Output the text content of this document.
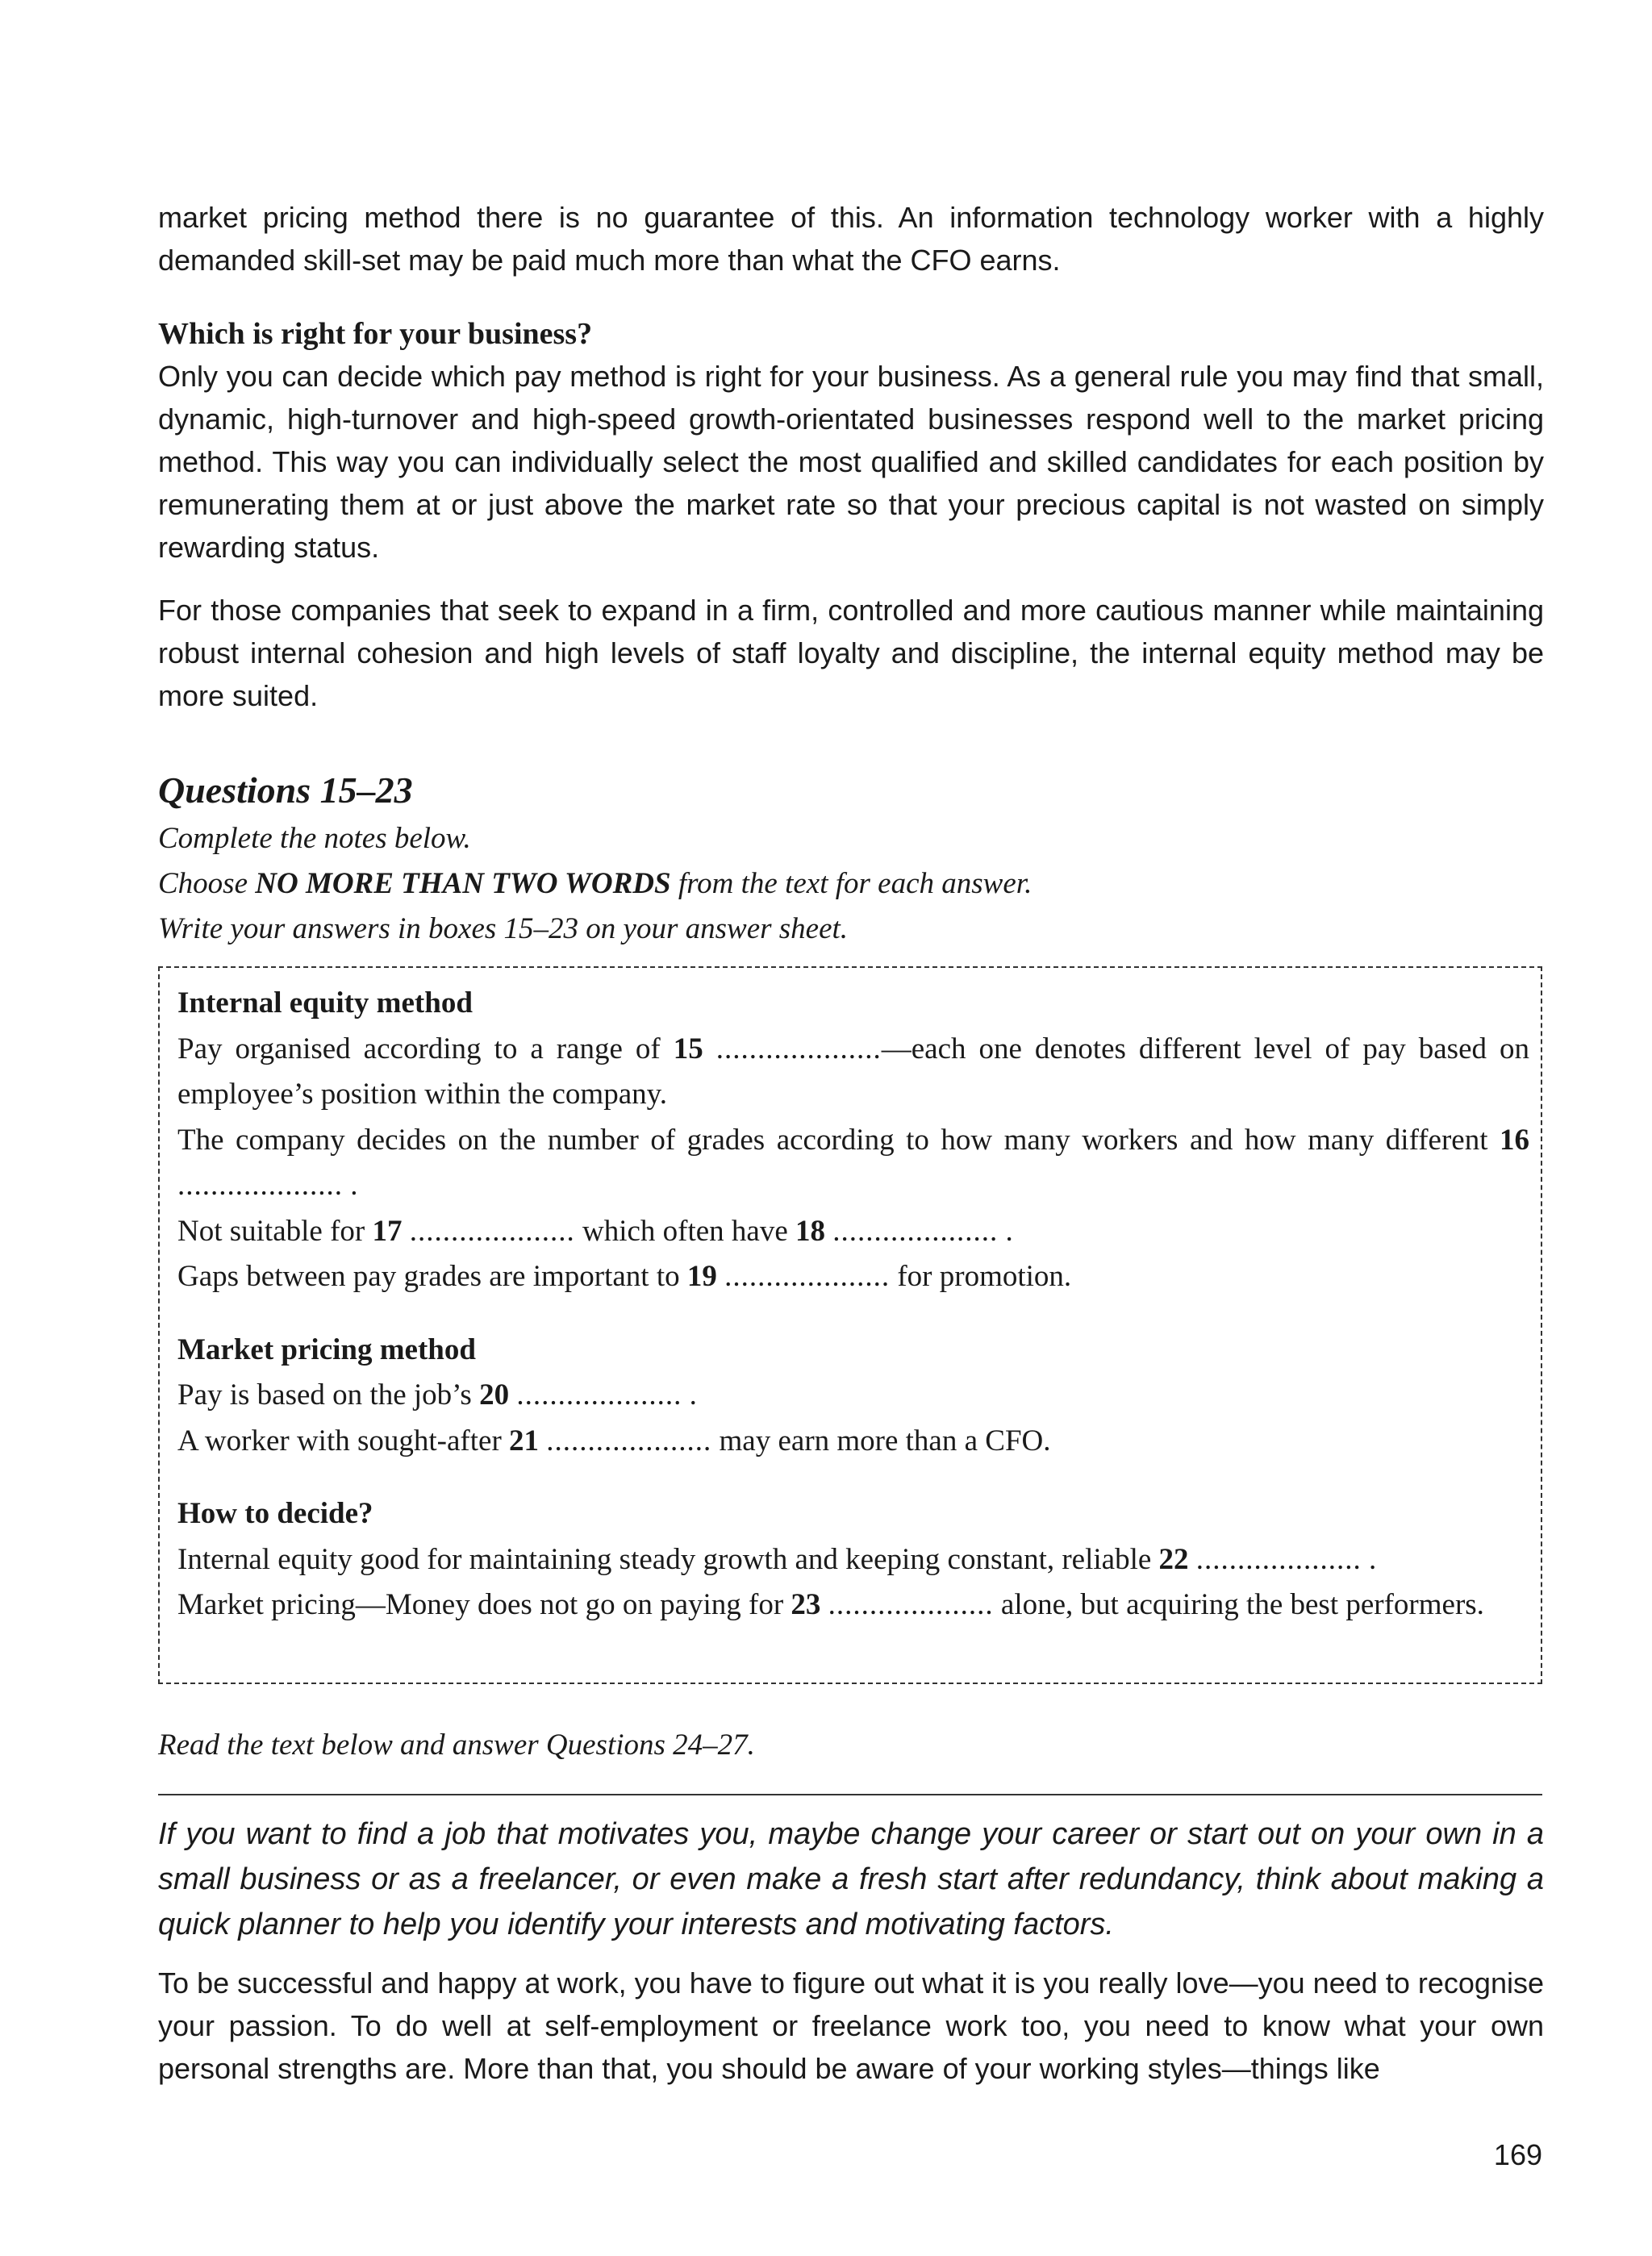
market pricing method there is no guarantee of this. An information technology worker with a highly demanded skill-set may be paid much more than what the CFO earns.

Which is right for your business?

Only you can decide which pay method is right for your business. As a general rule you may find that small, dynamic, high-turnover and high-speed growth-orientated businesses respond well to the market pricing method. This way you can individually select the most qualified and skilled candidates for each position by remunerating them at or just above the market rate so that your precious capital is not wasted on simply rewarding status.

For those companies that seek to expand in a firm, controlled and more cautious manner while maintaining robust internal cohesion and high levels of staff loyalty and discipline, the internal equity method may be more suited.

Questions 15–23
Complete the notes below.
Choose NO MORE THAN TWO WORDS from the text for each answer.
Write your answers in boxes 15–23 on your answer sheet.
Internal equity method
Pay organised according to a range of 15 ....................—each one denotes different level of pay based on employee’s position within the company.
The company decides on the number of grades according to how many workers and how many different 16 .................... .
Not suitable for 17 .................... which often have 18 .................... .
Gaps between pay grades are important to 19 .................... for promotion.
Market pricing method
Pay is based on the job’s 20 .................... .
A worker with sought-after 21 .................... may earn more than a CFO.
How to decide?
Internal equity good for maintaining steady growth and keeping constant, reliable 22 .................... .
Market pricing—Money does not go on paying for 23 .................... alone, but acquiring the best performers.
Read the text below and answer Questions 24–27.

If you want to find a job that motivates you, maybe change your career or start out on your own in a small business or as a freelancer, or even make a fresh start after redundancy, think about making a quick planner to help you identify your interests and motivating factors.

To be successful and happy at work, you have to figure out what it is you really love—you need to recognise your passion. To do well at self-employment or freelance work too, you need to know what your own personal strengths are. More than that, you should be aware of your working styles—things like

169
